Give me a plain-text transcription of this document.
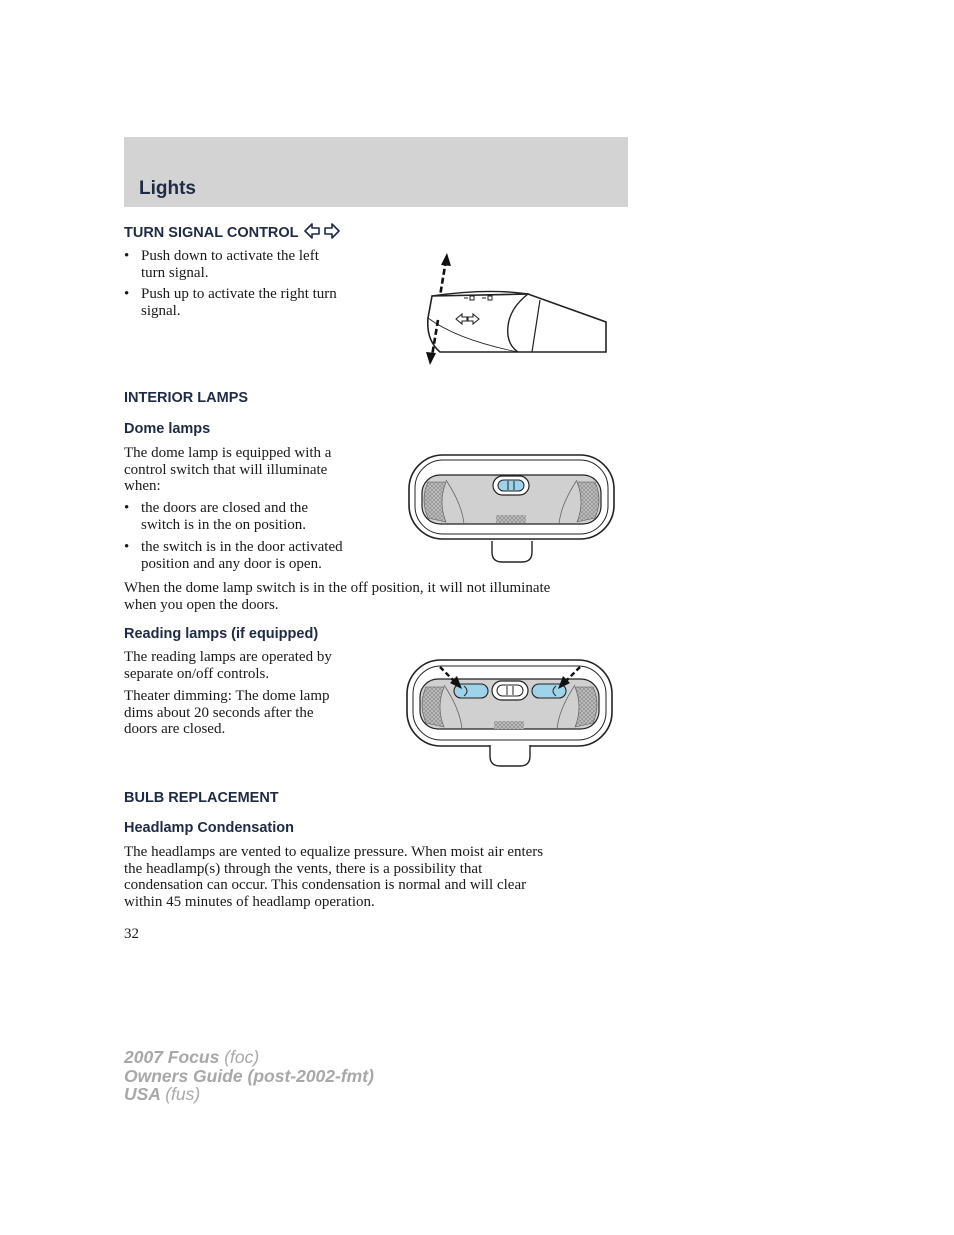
Lights
TURN SIGNAL CONTROL
• Push down to activate the left
turn signal.
• Push up to activate the right turn
signal.
INTERIOR LAMPS
Dome lamps
The dome lamp is equipped with a
control switch that will illuminate
when:
• the doors are closed and the
switch is in the on position.
• the switch is in the door activated
position and any door is open.
When the dome lamp switch is in the off position, it will not illuminate
when you open the doors.
Reading lamps (if equipped)
The reading lamps are operated by
separate on/off controls.
Theater dimming: The dome lamp
dims about 20 seconds after the
doors are closed.
BULB REPLACEMENT
Headlamp Condensation
The headlamps are vented to equalize pressure. When moist air enters
the headlamp(s) through the vents, there is a possibility that
condensation can occur. This condensation is normal and will clear
within 45 minutes of headlamp operation.
32
2007 Focus (foc)
Owners Guide (post-2002-fmt)
USA (fus)
